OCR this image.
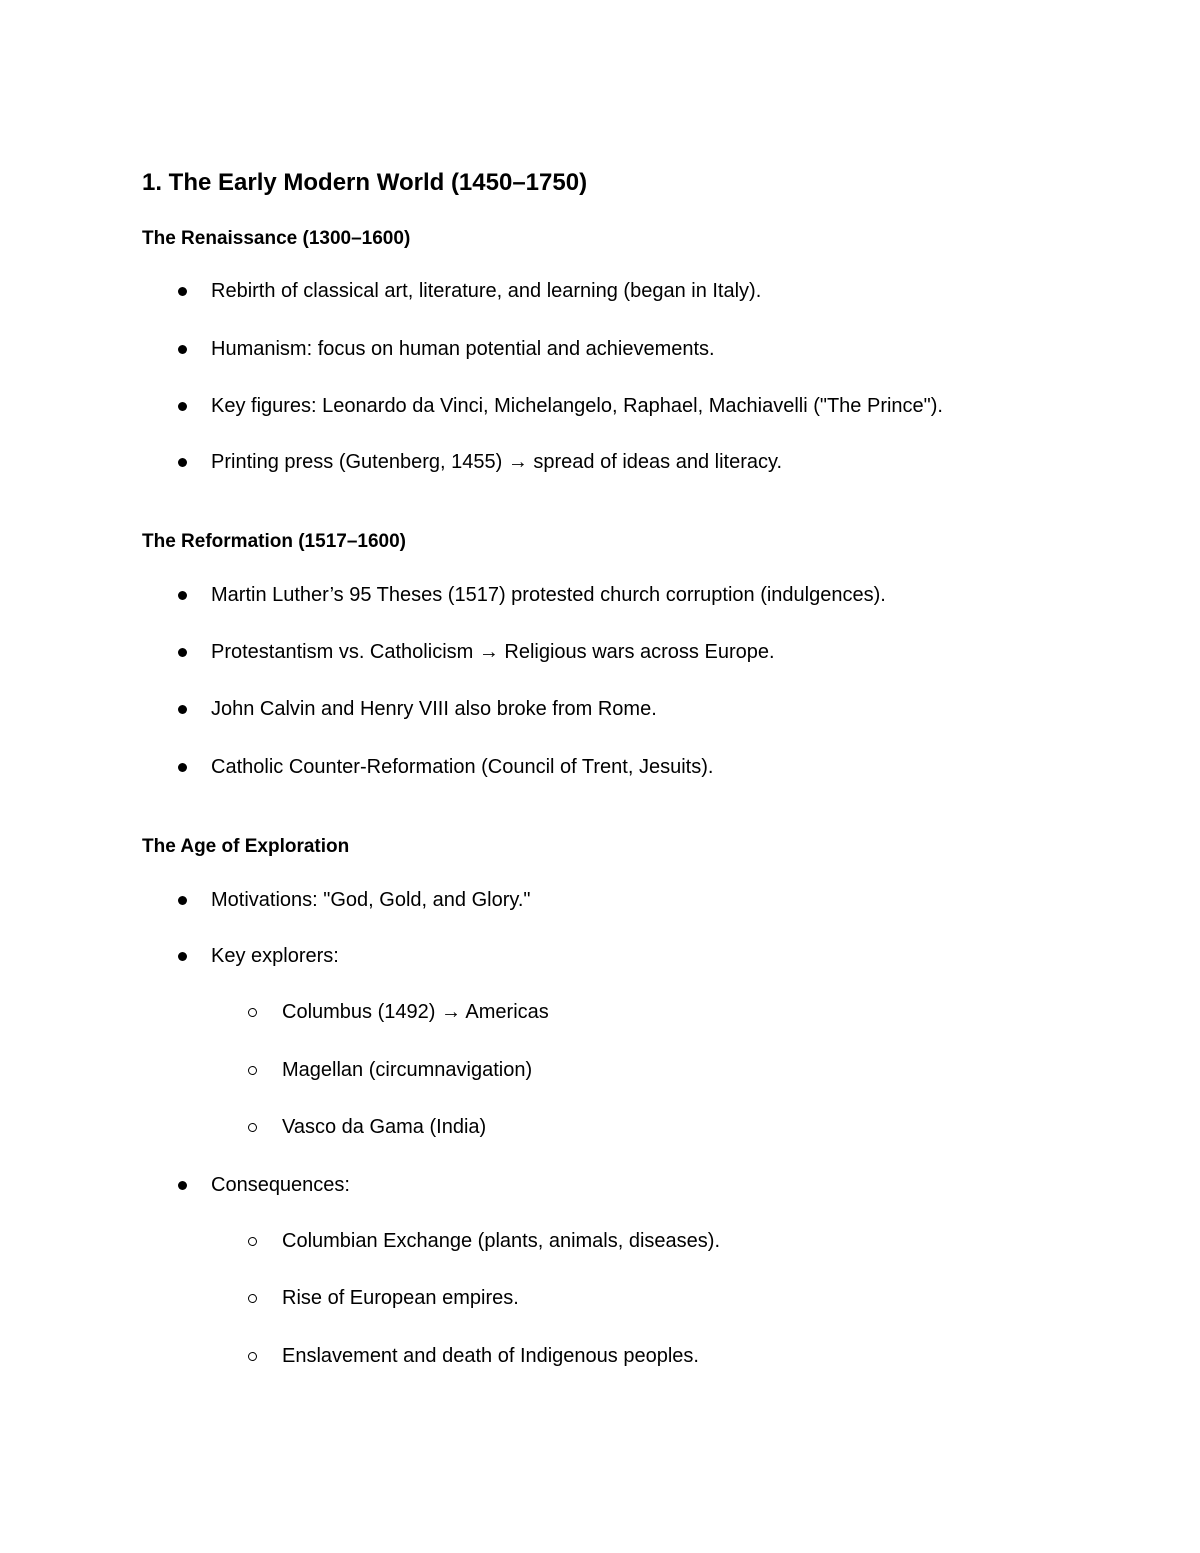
1. The Early Modern World (1450–1750)
The Renaissance (1300–1600)
Rebirth of classical art, literature, and learning (began in Italy).
Humanism: focus on human potential and achievements.
Key figures: Leonardo da Vinci, Michelangelo, Raphael, Machiavelli ("The Prince").
Printing press (Gutenberg, 1455) → spread of ideas and literacy.
The Reformation (1517–1600)
Martin Luther’s 95 Theses (1517) protested church corruption (indulgences).
Protestantism vs. Catholicism → Religious wars across Europe.
John Calvin and Henry VIII also broke from Rome.
Catholic Counter-Reformation (Council of Trent, Jesuits).
The Age of Exploration
Motivations: "God, Gold, and Glory."
Key explorers:
Columbus (1492) → Americas
Magellan (circumnavigation)
Vasco da Gama (India)
Consequences:
Columbian Exchange (plants, animals, diseases).
Rise of European empires.
Enslavement and death of Indigenous peoples.
